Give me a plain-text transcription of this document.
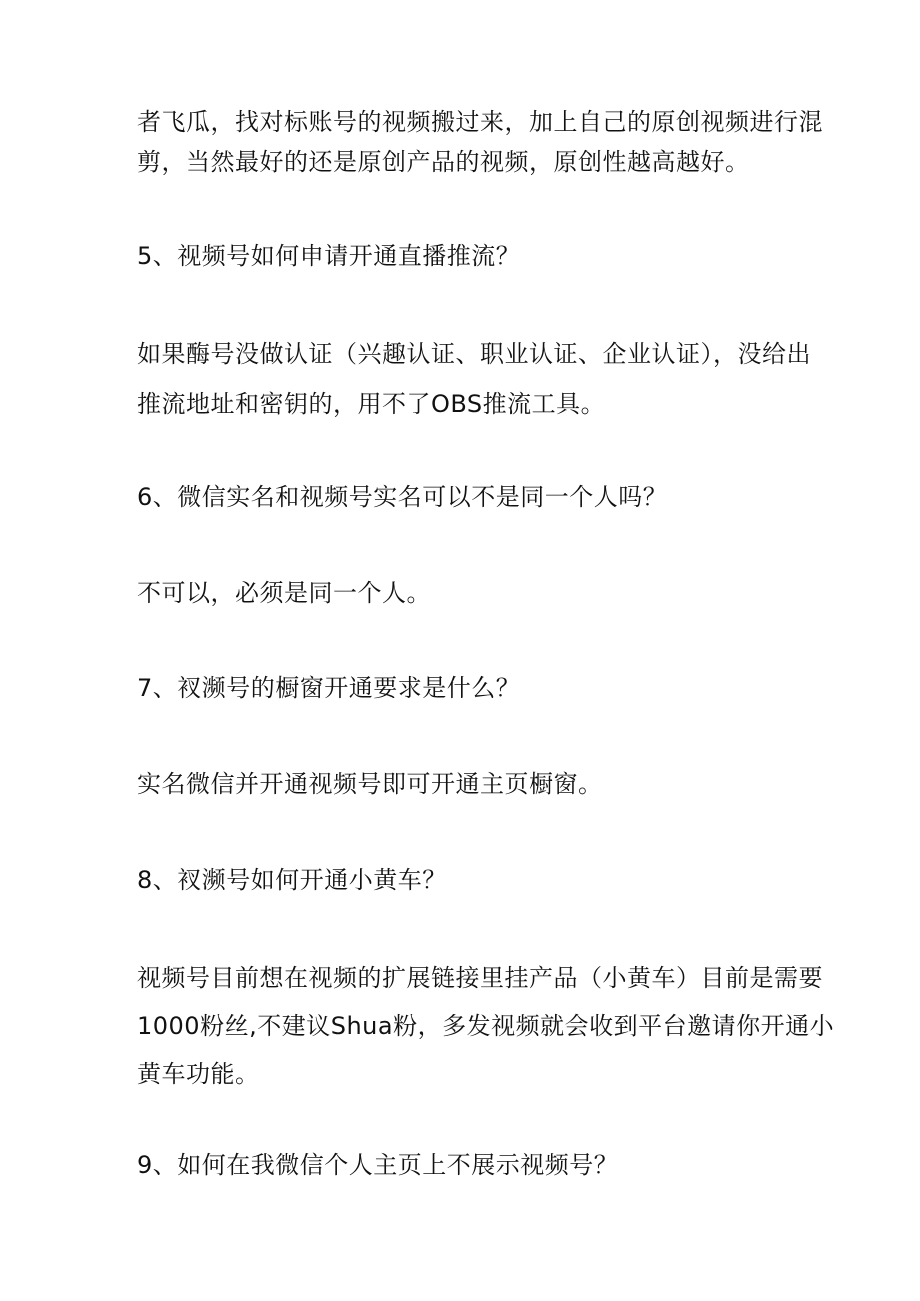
者飞瓜，找对标账号的视频搬过来，加上自己的原创视频进行混
剪，当然最好的还是原创产品的视频，原创性越高越好。
5、视频号如何申请开通直播推流？
如果酶号没做认证（兴趣认证、职业认证、企业认证），没给出
推流地址和密钥的，用不了OBS推流工具。
6、微信实名和视频号实名可以不是同一个人吗？
不可以，必须是同一个人。
7、衩濒号的橱窗开通要求是什么？
实名微信并开通视频号即可开通主页橱窗。
8、衩濒号如何开通小黄车？
视频号目前想在视频的扩展链接里挂产品（小黄车）目前是需要
1000粉丝,不建议Shua粉，多发视频就会收到平台邀请你开通小
黄车功能。
9、如何在我微信个人主页上不展示视频号？
